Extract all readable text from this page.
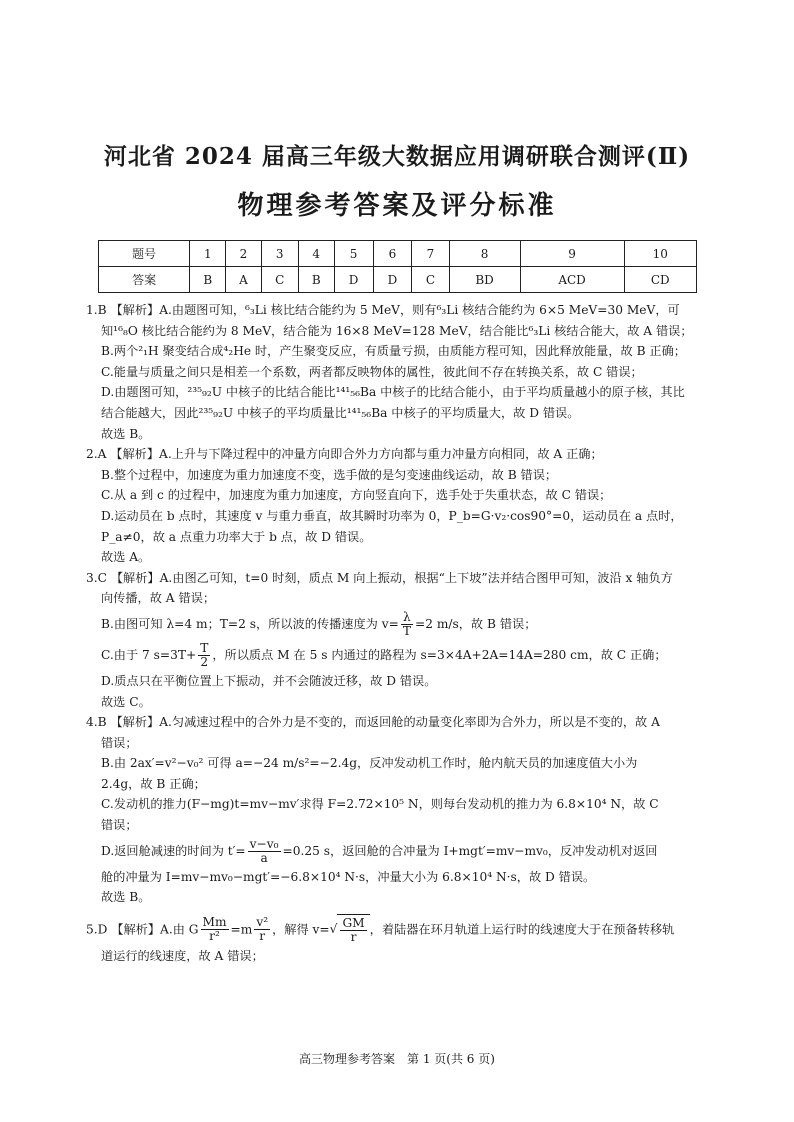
河北省 2024 届高三年级大数据应用调研联合测评(Ⅱ)
物理参考答案及评分标准
题号	1	2	3	4	5	6	7	8	9	10
答案	B	A	C	B	D	D	C	BD	ACD	CD
1.B 【解析】A.由题图可知，⁶₃Li 核比结合能约为 5 MeV，则有⁶₃Li 核结合能约为 6×5 MeV=30 MeV，可
知¹⁶₈O 核比结合能约为 8 MeV，结合能为 16×8 MeV=128 MeV，结合能比⁶₃Li 核结合能大，故 A 错误；
B.两个²₁H 聚变结合成⁴₂He 时，产生聚变反应，有质量亏损，由质能方程可知，因此释放能量，故 B 正确；
C.能量与质量之间只是相差一个系数，两者都反映物体的属性，彼此间不存在转换关系，故 C 错误；
D.由题图可知，²³⁵₉₂U 中核子的比结合能比¹⁴¹₅₆Ba 中核子的比结合能小，由于平均质量越小的原子核，其比
结合能越大，因此²³⁵₉₂U 中核子的平均质量比¹⁴¹₅₆Ba 中核子的平均质量大，故 D 错误。
故选 B。
2.A 【解析】A.上升与下降过程中的冲量方向即合外力方向都与重力冲量方向相同，故 A 正确；
B.整个过程中，加速度为重力加速度不变，选手做的是匀变速曲线运动，故 B 错误；
C.从 a 到 c 的过程中，加速度为重力加速度，方向竖直向下，选手处于失重状态，故 C 错误；
D.运动员在 b 点时，其速度 v 与重力垂直，故其瞬时功率为 0，P_b=G·v₂·cos90°=0，运动员在 a 点时，
P_a≠0，故 a 点重力功率大于 b 点，故 D 错误。
故选 A。
3.C 【解析】A.由图乙可知，t=0 时刻，质点 M 向上振动，根据“上下坡”法并结合图甲可知，波沿 x 轴负方
向传播，故 A 错误；
B.由图可知 λ=4 m；T=2 s，所以波的传播速度为 $v= \frac{\lambda}{T} =2$ m/s，故 B 错误；
C.由于 7 $s=3T+ \frac{T}{2}$ ，所以质点 M 在 5 s 内通过的路程为 s=3×4A+2A=14A=280 cm，故 C 正确；
D.质点只在平衡位置上下振动，并不会随波迁移，故 D 错误。
故选 C。
4.B 【解析】A.匀减速过程中的合外力是不变的，而返回舱的动量变化率即为合外力，所以是不变的，故 A
错误；
B.由 2ax′=v²−v₀² 可得 a=−24 m/s²=−2.4g，反冲发动机工作时，舱内航天员的加速度值大小为
2.4g，故 B 正确；
C.发动机的推力(F−mg)t=mv−mv′求得 F=2.72×10⁵ N，则每台发动机的推力为 6.8×10⁴ N，故 C
错误；
D.返回舱减速的时间为 $t'= \frac{\text{v−v₀}}{a} =0.25$ s，返回舱的合冲量为 I+mgt′=mv−mv₀，反冲发动机对返回
舱的冲量为 I=mv−mv₀−mgt′=−6.8×10⁴ N·s，冲量大小为 6.8×10⁴ N·s，故 D 错误。
故选 B。
5.D 【解析】A.由 G $\frac{Mm}{\text{r²}} =m \frac{\text{v²}}{r}$ ，解得 $v=√ \frac{GM}{r}$ ，着陆器在环月轨道上运行时的线速度大于在预备转移轨
道运行的线速度，故 A 错误；
高三物理参考答案　第 1 页(共 6 页)
